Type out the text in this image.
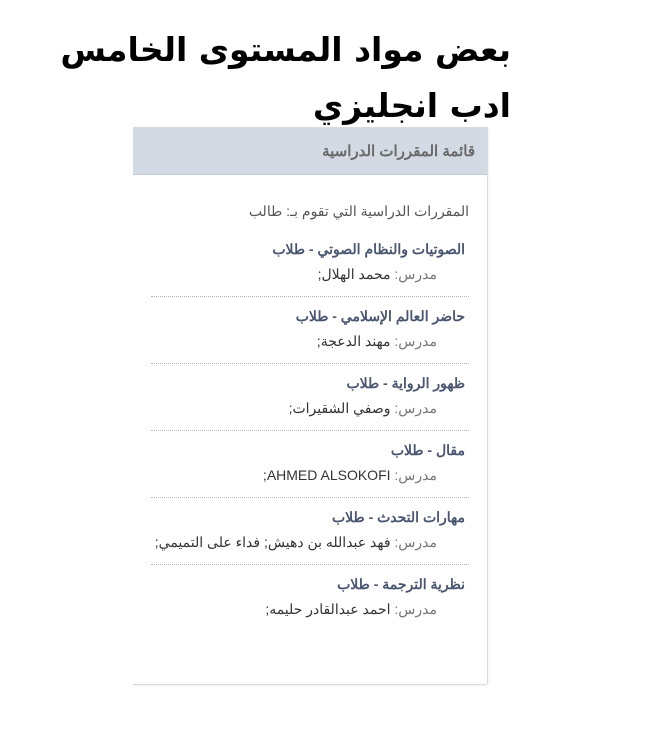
بعض مواد المستوى الخامس
ادب انجليزي
قائمة المقررات الدراسية
المقررات الدراسية التي تقوم بـ: طالب
الصوتيات والنظام الصوتي - طلاب
مدرس: محمد الهلال;
حاضر العالم الإسلامي - طلاب
مدرس: مهند الدعجة;
ظهور الرواية - طلاب
مدرس: وصفي الشقيرات;
مقال - طلاب
مدرس: AHMED ALSOKOFI;
مهارات التحدث - طلاب
مدرس: فهد عبدالله بن دهيش; فداء على التميمي;
نظرية الترجمة - طلاب
مدرس: احمد عبدالقادر حليمه;
